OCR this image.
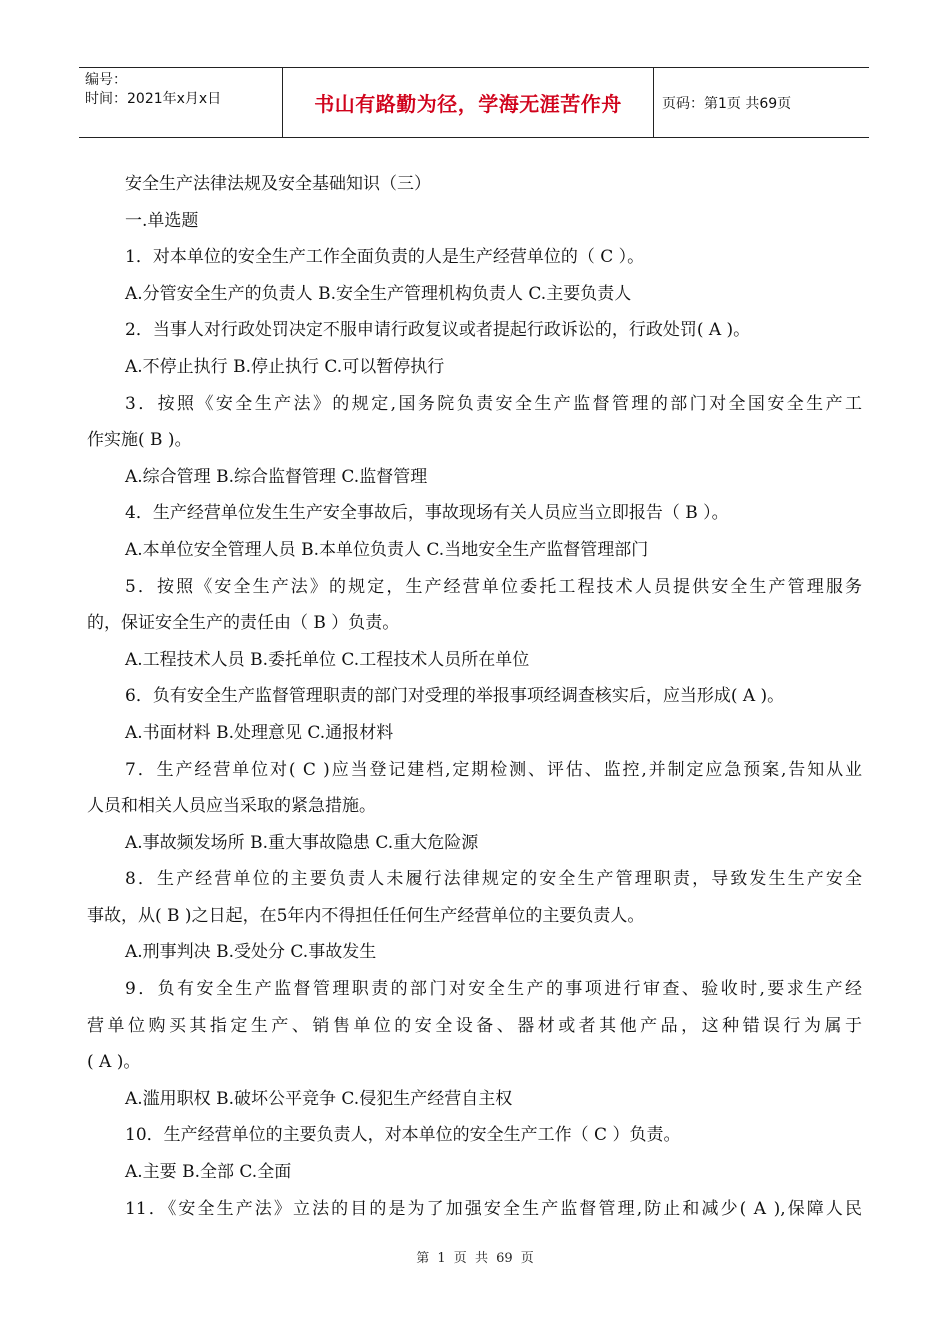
编号：
时间：2021年x月x日	书山有路勤为径，学海无涯苦作舟	页码：第1页 共69页
安全生产法律法规及安全基础知识（三）
一.单选题
1．对本单位的安全生产工作全面负责的人是生产经营单位的（ C ）。
A.分管安全生产的负责人 B.安全生产管理机构负责人 C.主要负责人
2．当事人对行政处罚决定不服申请行政复议或者提起行政诉讼的，行政处罚( A )。
A.不停止执行 B.停止执行 C.可以暂停执行
3．按照《安全生产法》的规定,国务院负责安全生产监督管理的部门对全国安全生产工
作实施( B )。
A.综合管理 B.综合监督管理 C.监督管理
4．生产经营单位发生生产安全事故后，事故现场有关人员应当立即报告（ B ）。
A.本单位安全管理人员 B.本单位负责人 C.当地安全生产监督管理部门
5．按照《安全生产法》的规定，生产经营单位委托工程技术人员提供安全生产管理服务
的，保证安全生产的责任由（ B ）负责。
A.工程技术人员 B.委托单位 C.工程技术人员所在单位
6．负有安全生产监督管理职责的部门对受理的举报事项经调查核实后，应当形成( A )。
A.书面材料 B.处理意见 C.通报材料
7．生产经营单位对( C )应当登记建档,定期检测、评估、监控,并制定应急预案,告知从业
人员和相关人员应当采取的紧急措施。
A.事故频发场所 B.重大事故隐患 C.重大危险源
8．生产经营单位的主要负责人未履行法律规定的安全生产管理职责，导致发生生产安全
事故，从( B )之日起，在5年内不得担任任何生产经营单位的主要负责人。
A.刑事判决 B.受处分 C.事故发生
9．负有安全生产监督管理职责的部门对安全生产的事项进行审查、验收时,要求生产经
营单位购买其指定生产、销售单位的安全设备、器材或者其他产品，这种错误行为属于
( A )。
A.滥用职权 B.破坏公平竞争 C.侵犯生产经营自主权
10．生产经营单位的主要负责人，对本单位的安全生产工作（ C ）负责。
A.主要 B.全部 C.全面
11．《安全生产法》立法的目的是为了加强安全生产监督管理,防止和减少( A ),保障人民
第 1 页 共 69 页
